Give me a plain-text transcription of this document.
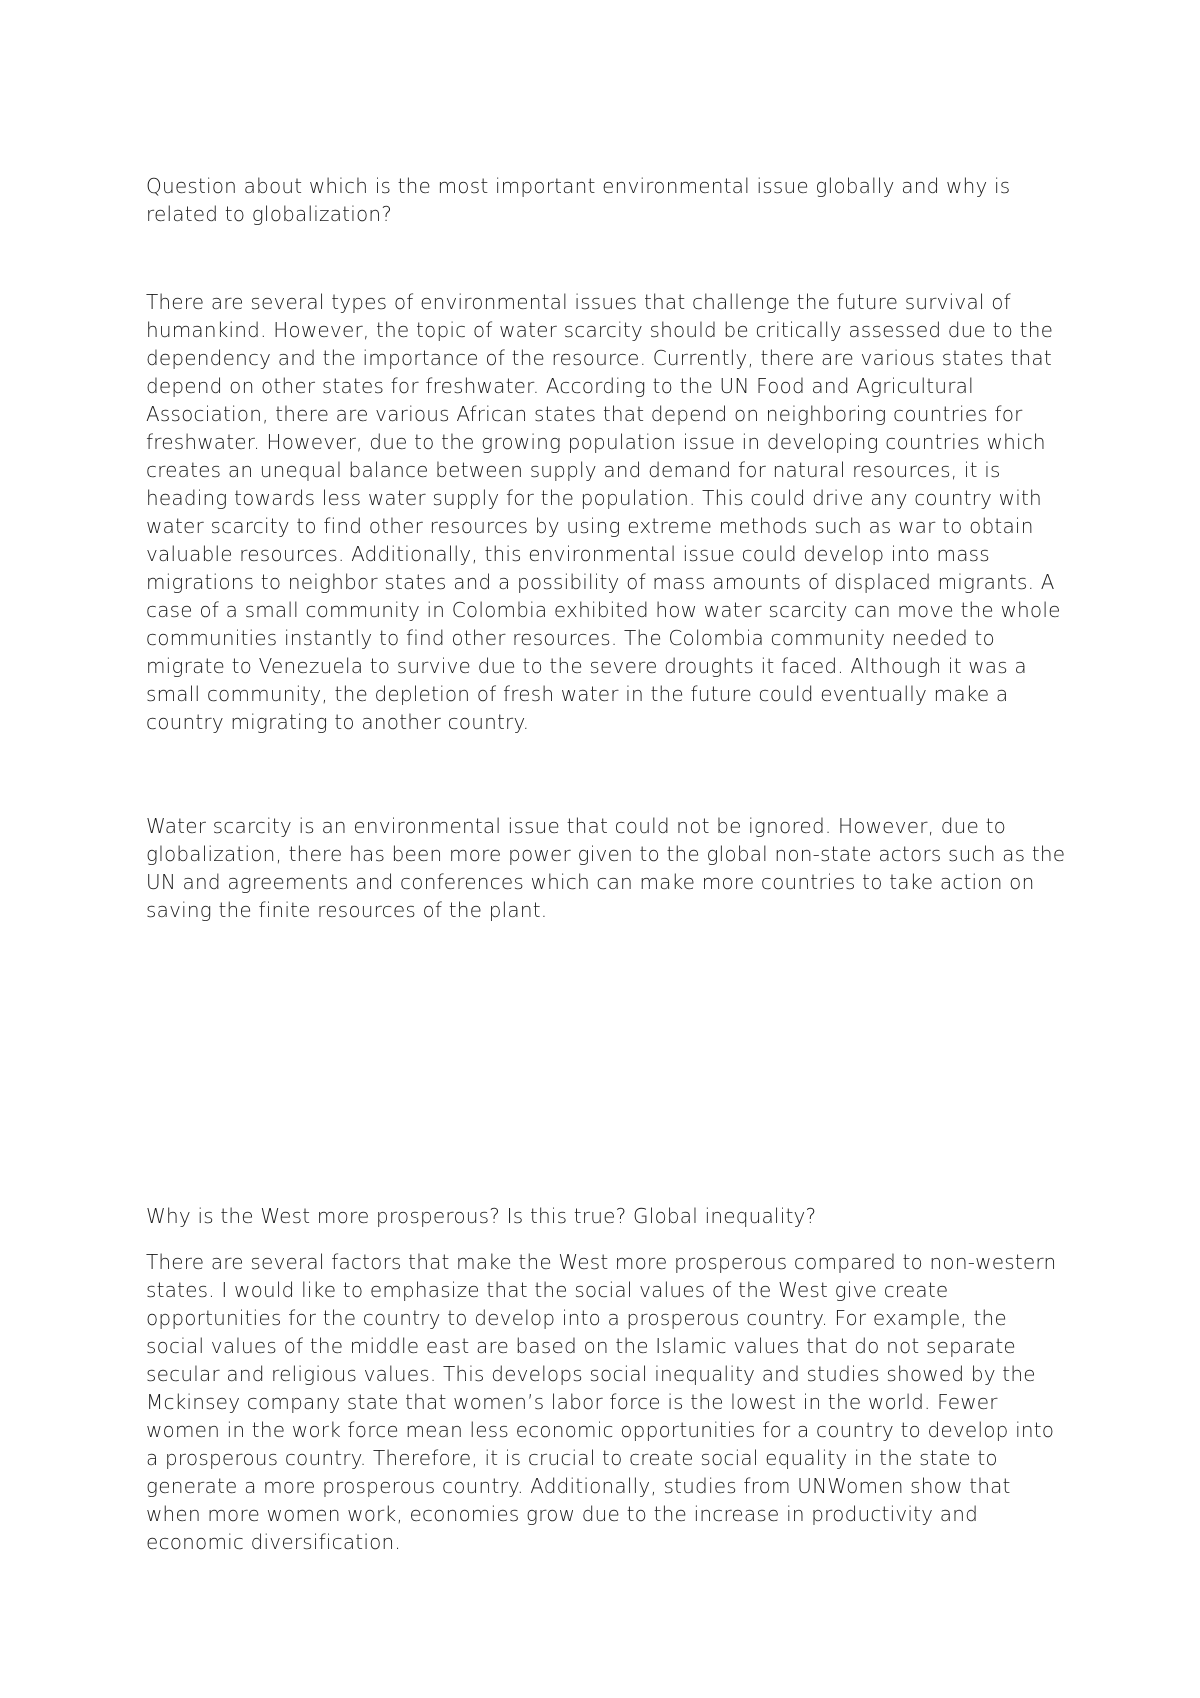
Question about which is the most important environmental issue globally and why is related to globalization?

There are several types of environmental issues that challenge the future survival of humankind. However, the topic of water scarcity should be critically assessed due to the dependency and the importance of the resource. Currently, there are various states that depend on other states for freshwater. According to the UN Food and Agricultural Association, there are various African states that depend on neighboring countries for freshwater. However, due to the growing population issue in developing countries which creates an unequal balance between supply and demand for natural resources, it is heading towards less water supply for the population. This could drive any country with water scarcity to find other resources by using extreme methods such as war to obtain valuable resources. Additionally, this environmental issue could develop into mass migrations to neighbor states and a possibility of mass amounts of displaced migrants. A case of a small community in Colombia exhibited how water scarcity can move the whole communities instantly to find other resources. The Colombia community needed to migrate to Venezuela to survive due to the severe droughts it faced. Although it was a small community, the depletion of fresh water in the future could eventually make a country migrating to another country.

Water scarcity is an environmental issue that could not be ignored. However, due to globalization, there has been more power given to the global non-state actors such as the UN and agreements and conferences which can make more countries to take action on saving the finite resources of the plant.

Why is the West more prosperous? Is this true? Global inequality?

There are several factors that make the West more prosperous compared to non-western states. I would like to emphasize that the social values of the West give create opportunities for the country to develop into a prosperous country. For example, the social values of the middle east are based on the Islamic values that do not separate secular and religious values. This develops social inequality and studies showed by the Mckinsey company state that women’s labor force is the lowest in the world. Fewer women in the work force mean less economic opportunities for a country to develop into a prosperous country. Therefore, it is crucial to create social equality in the state to generate a more prosperous country. Additionally, studies from UNWomen show that when more women work, economies grow due to the increase in productivity and economic diversification.
